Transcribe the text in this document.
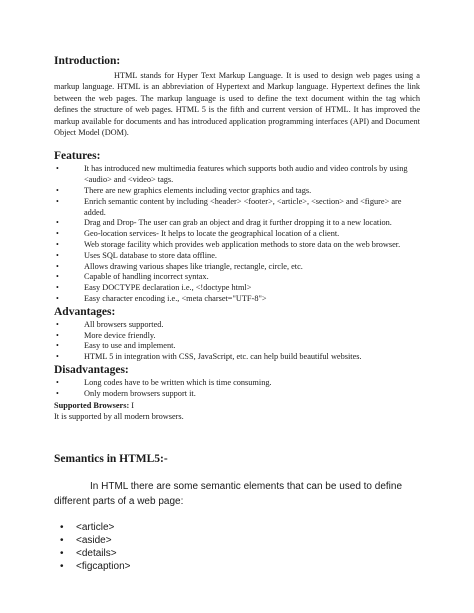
Introduction:

HTML stands for Hyper Text Markup Language. It is used to design web pages using a markup language. HTML is an abbreviation of Hypertext and Markup language. Hypertext defines the link between the web pages. The markup language is used to define the text document within the tag which defines the structure of web pages. HTML 5 is the fifth and current version of HTML. It has improved the markup available for documents and has introduced application programming interfaces (API) and Document Object Model (DOM).

Features:

•	It has introduced new multimedia features which supports both audio and video controls by using <audio> and <video> tags.
•	There are new graphics elements including vector graphics and tags.
•	Enrich semantic content by including <header> <footer>, <article>, <section> and <figure> are added.
•	Drag and Drop- The user can grab an object and drag it further dropping it to a new location.
•	Geo-location services- It helps to locate the geographical location of a client.
•	Web storage facility which provides web application methods to store data on the web browser.
•	Uses SQL database to store data offline.
•	Allows drawing various shapes like triangle, rectangle, circle, etc.
•	Capable of handling incorrect syntax.
•	Easy DOCTYPE declaration i.e., <!doctype html>
•	Easy character encoding i.e., <meta charset="UTF-8">

Advantages:

•	All browsers supported.
•	More device friendly.
•	Easy to use and implement.
•	HTML 5 in integration with CSS, JavaScript, etc. can help build beautiful websites.

Disadvantages:

•	Long codes have to be written which is time consuming.
•	Only modern browsers support it.

Supported Browsers: I

It is supported by all modern browsers.

Semantics in HTML5:-

In HTML there are some semantic elements that can be used to define different parts of a web page:

• <article>
• <aside>
• <details>
• <figcaption>
